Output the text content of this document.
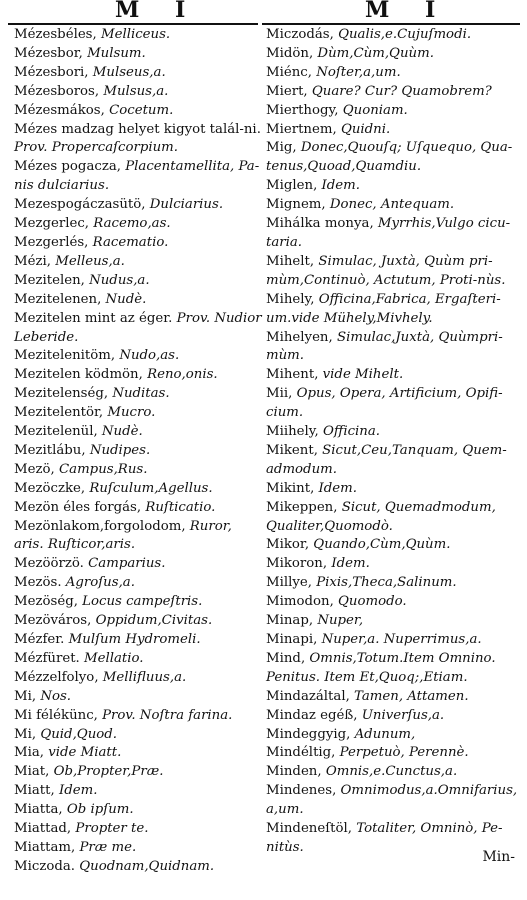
M I	M I
Mézesbéles, Melliceus.
Mézesbor, Mulsum.
Mézesbori, Mulseus,a.
Mézesboros, Mulsus,a.
Mézesmákos, Cocetum.
Mézes madzag helyet kigyot talál-ni. Prov. Propercaſcorpium.
Mézes pogacza, Placentamellita, Pa-nis dulciarius.
Mezespogáczasütö, Dulciarius.
Mezgerlec, Racemo,as.
Mezgerlés, Racematio.
Mézi, Melleus,a.
Mezitelen, Nudus,a.
Mezitelenen, Nudè.
Mezitelen mint az éger. Prov. Nudior Leberide.
Mezitelenitöm, Nudo,as.
Mezitelen ködmön, Reno,onis.
Mezitelenség, Nuditas.
Mezitelentör, Mucro.
Mezitelenül, Nudè.
Mezitlábu, Nudipes.
Mezö, Campus,Rus.
Mezöczke, Ruſculum,Agellus.
Mezön éles forgás, Ruſticatio.
Mezönlakom,forgolodom, Ruror, aris. Ruſticor,aris.
Mezöörzö. Camparius.
Mezös. Agroſus,a.
Mezöség, Locus campeſtris.
Mezöváros, Oppidum,Civitas.
Mézfer. Mulſum Hydromeli.
Mézfüret. Mellatio.
Mézzelfolyo, Mellifluus,a.
Mi, Nos.
Mi félékünc, Prov. Noſtra farina.
Mi, Quid,Quod.
Mia, vide Miatt.
Miat, Ob,Propter,Præ.
Miatt, Idem.
Miatta, Ob ipſum.
Miattad, Propter te.
Miattam, Præ me.
Miczoda. Quodnam,Quidnam.
Miczodás, Qualis,e.Cujuſmodi.
Midön, Dùm,Cùm,Quùm.
Miénc, Noſter,a,um.
Miert, Quare? Cur? Quamobrem?
Mierthogy, Quoniam.
Miertnem, Quidni.
Mig, Donec,Quouſq; Uſquequo, Qua-tenus,Quoad,Quamdiu.
Miglen, Idem.
Mignem, Donec, Antequam.
Mihálka monya, Myrrhis,Vulgo cicu-taria.
Mihelt, Simulac, Juxtà, Quùm pri-mùm,Continuò, Actutum, Proti-nùs.
Mihely, Officina,Fabrica, Ergaſteri-um.vide Mühely,Mivhely.
Mihelyen, Simulac,Juxtà, Quùmpri-mùm.
Mihent, vide Mihelt.
Mii, Opus, Opera, Artificium, Opifi-cium.
Miihely, Officina.
Mikent, Sicut,Ceu,Tanquam, Quem-admodum.
Mikint, Idem.
Mikeppen, Sicut, Quemadmodum, Qualiter,Quomodò.
Mikor, Quando,Cùm,Quùm.
Mikoron, Idem.
Millye, Pixis,Theca,Salinum.
Mimodon, Quomodo.
Minap, Nuper,
Minapi, Nuper,a. Nuperrimus,a.
Mind, Omnis,Totum.Item Omnino. Penitus. Item Et,Quoq;,Etiam.
Mindazáltal, Tamen, Attamen.
Mindaz egéß, Univerſus,a.
Mindeggyig, Adunum,
Mindéltig, Perpetuò, Perennè.
Minden, Omnis,e.Cunctus,a.
Mindenes, Omnimodus,a.Omnifarius, a,um.
Mindeneſtöl, Totaliter, Omninò, Pe-nitùs.
Min-
